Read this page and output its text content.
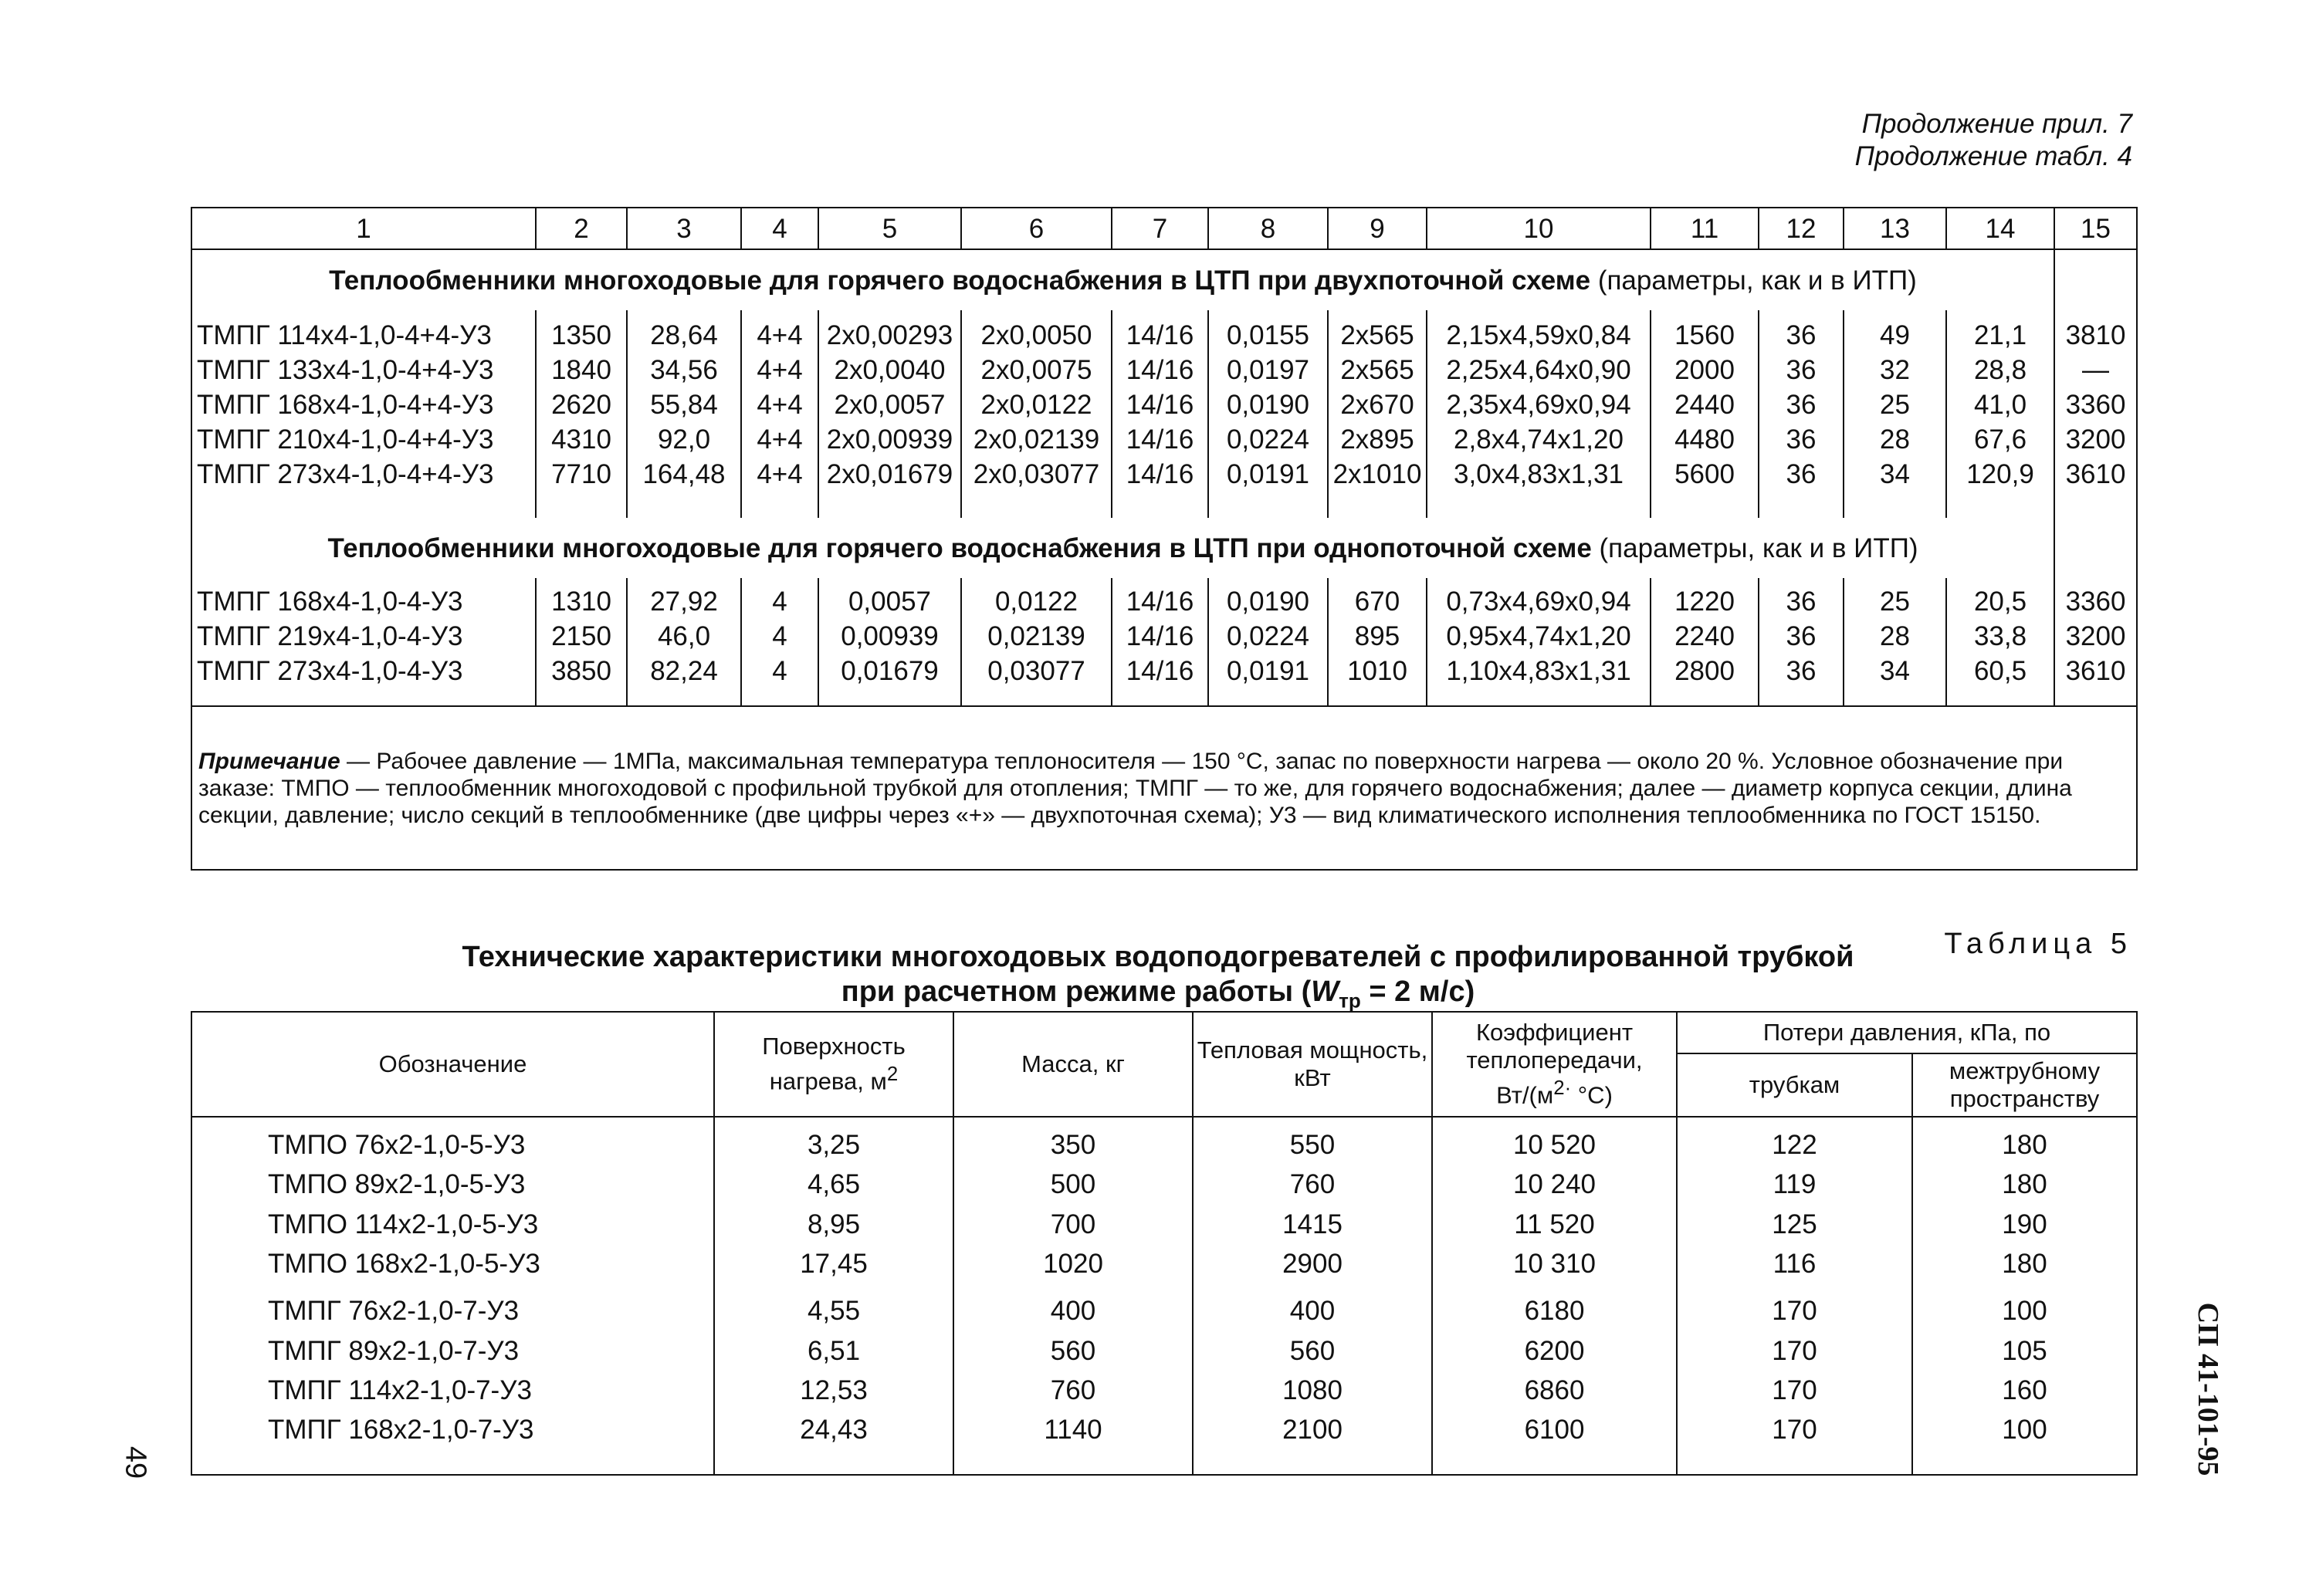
Продолжение прил. 7
Продолжение табл. 4
1	2	3	4	5	6	7	8	9	10	11	12	13	14	15
Теплообменники многоходовые для горячего водоснабжения в ЦТП при двухпоточной схеме (параметры, как и в ИТП)														

ТМПГ 114х4-1,0-4+4-У3	1350	28,64	4+4	2х0,00293	2х0,0050	14/16	0,0155	2х565	2,15х4,59х0,84	1560	36	49	21,1	3810
ТМПГ 133х4-1,0-4+4-У3	1840	34,56	4+4	2х0,0040	2х0,0075	14/16	0,0197	2х565	2,25х4,64х0,90	2000	36	32	28,8	—
ТМПГ 168х4-1,0-4+4-У3	2620	55,84	4+4	2х0,0057	2х0,0122	14/16	0,0190	2х670	2,35х4,69х0,94	2440	36	25	41,0	3360
ТМПГ 210х4-1,0-4+4-У3	4310	92,0	4+4	2х0,00939	2х0,02139	14/16	0,0224	2х895	2,8х4,74х1,20	4480	36	28	67,6	3200
ТМПГ 273х4-1,0-4+4-У3	7710	164,48	4+4	2х0,01679	2х0,03077	14/16	0,0191	2х1010	3,0х4,83х1,31	5600	36	34	120,9	3610

Теплообменники многоходовые для горячего водоснабжения в ЦТП при однопоточной схеме (параметры, как и в ИТП)														

ТМПГ 168х4-1,0-4-У3	1310	27,92	4	0,0057	0,0122	14/16	0,0190	670	0,73х4,69х0,94	1220	36	25	20,5	3360
ТМПГ 219х4-1,0-4-У3	2150	46,0	4	0,00939	0,02139	14/16	0,0224	895	0,95х4,74х1,20	2240	36	28	33,8	3200
ТМПГ 273х4-1,0-4-У3	3850	82,24	4	0,01679	0,03077	14/16	0,0191	1010	1,10х4,83х1,31	2800	36	34	60,5	3610

Примечание — Рабочее давление — 1МПа, максимальная температура теплоносителя — 150 °С, запас по поверхности нагрева — около 20 %. Условное обозначение при заказе: ТМПО — теплообменник многоходовой с профильной трубкой для отопления; ТМПГ — то же, для горячего водоснабжения; далее — диаметр корпуса секции, длина секции, давление; число секций в теплообменнике (две цифры через «+» — двухпоточная схема); У3 — вид климатического исполнения теплообменника по ГОСТ 15150.														
Таблица 5
Технические характеристики многоходовых водоподогревателей с профилированной трубкой
при расчетном режиме работы ($W_{тр} = 2$ м/с)
Обозначение	Поверхность нагрева, $м^2$	Масса, кг	Тепловая мощность, кВт	Коэффициент теплопередачи, $Вт/(м^{2\cdot}$ °С)	Потери давления, кПа, по	
					трубкам	межтрубному пространству

ТМПО 76х2-1,0-5-У3	3,25	350	550	10 520	122	180
ТМПО 89х2-1,0-5-У3	4,65	500	760	10 240	119	180
ТМПО 114х2-1,0-5-У3	8,95	700	1415	11 520	125	190
ТМПО 168х2-1,0-5-У3	17,45	1020	2900	10 310	116	180

ТМПГ 76х2-1,0-7-У3	4,55	400	400	6180	170	100
ТМПГ 89х2-1,0-7-У3	6,51	560	560	6200	170	105
ТМПГ 114х2-1,0-7-У3	12,53	760	1080	6860	170	160
ТМПГ 168х2-1,0-7-У3	24,43	1140	2100	6100	170	100
							СП 41-101-95
49
